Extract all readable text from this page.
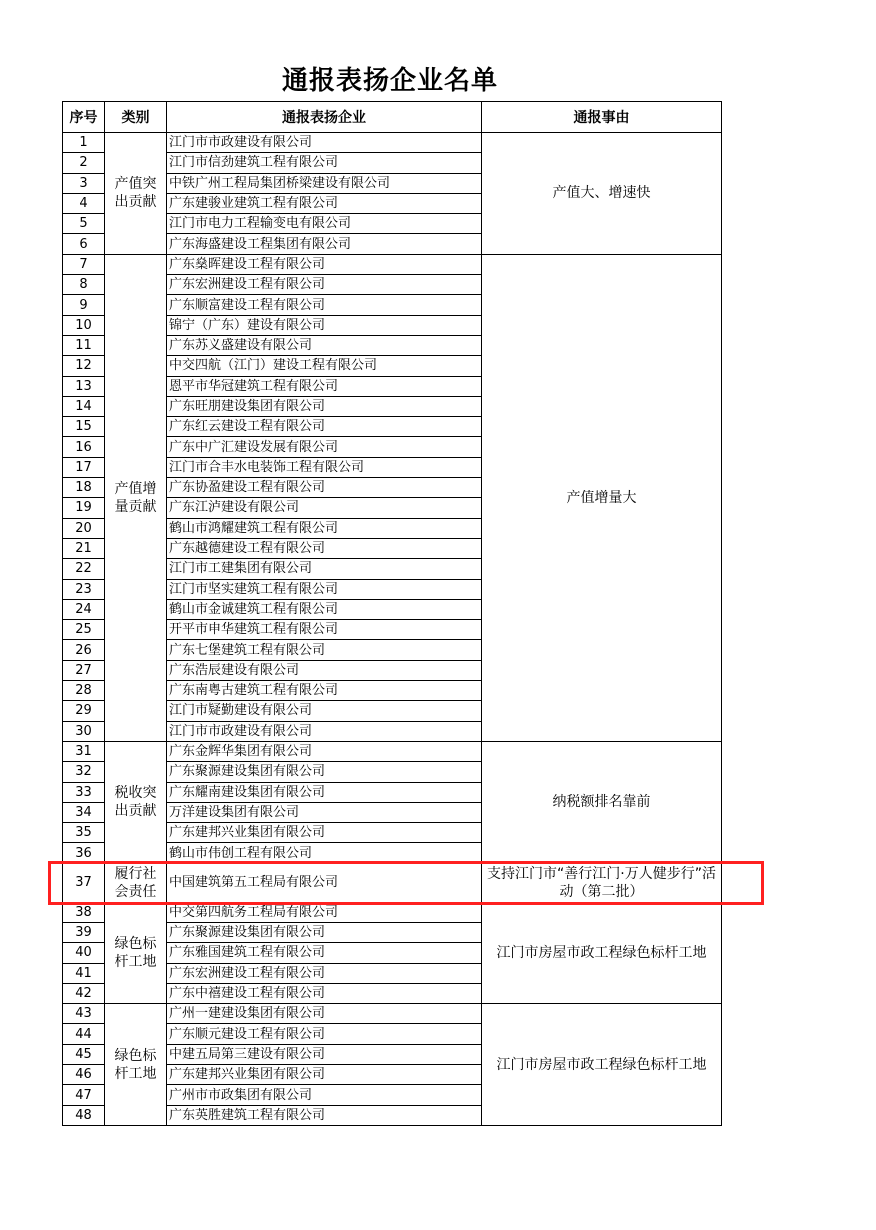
通报表扬企业名单
序号	类别	通报表扬企业	通报事由
1	产值突出贡献	江门市市政建设有限公司	产值大、增速快
2		江门市信劲建筑工程有限公司	
3		中铁广州工程局集团桥梁建设有限公司	
4		广东建骏业建筑工程有限公司	
5		江门市电力工程输变电有限公司	
6		广东海盛建设工程集团有限公司	
7	产值增量贡献	广东燊晖建设工程有限公司	产值增量大
8		广东宏洲建设工程有限公司	
9		广东顺富建设工程有限公司	
10		锦宁（广东）建设有限公司	
11		广东苏义盛建设有限公司	
12		中交四航（江门）建设工程有限公司	
13		恩平市华冠建筑工程有限公司	
14		广东旺朋建设集团有限公司	
15		广东红云建设工程有限公司	
16		广东中广汇建设发展有限公司	
17		江门市合丰水电装饰工程有限公司	
18		广东协盈建设工程有限公司	
19		广东江泸建设有限公司	
20		鹤山市鸿耀建筑工程有限公司	
21		广东越德建设工程有限公司	
22		江门市工建集团有限公司	
23		江门市坚实建筑工程有限公司	
24		鹤山市金诚建筑工程有限公司	
25		开平市申华建筑工程有限公司	
26		广东七堡建筑工程有限公司	
27		广东浩辰建设有限公司	
28		广东南粤古建筑工程有限公司	
29		江门市疑勤建设有限公司	
30		江门市市政建设有限公司	
31	税收突出贡献	广东金辉华集团有限公司	纳税额排名靠前
32		广东聚源建设集团有限公司	
33		广东耀南建设集团有限公司	
34		万洋建设集团有限公司	
35		广东建邦兴业集团有限公司	
36		鹤山市伟创工程有限公司	
37	履行社会责任	中国建筑第五工程局有限公司	支持江门市“善行江门·万人健步行”活动（第二批）
38	绿色标杆工地	中交第四航务工程局有限公司	江门市房屋市政工程绿色标杆工地
39		广东聚源建设集团有限公司	
40		广东雅国建筑工程有限公司	
41		广东宏洲建设工程有限公司	
42		广东中禧建设工程有限公司	
43	绿色标杆工地	广州一建建设集团有限公司	江门市房屋市政工程绿色标杆工地
44		广东顺元建设工程有限公司	
45		中建五局第三建设有限公司	
46		广东建邦兴业集团有限公司	
47		广州市市政集团有限公司	
48		广东英胜建筑工程有限公司	
